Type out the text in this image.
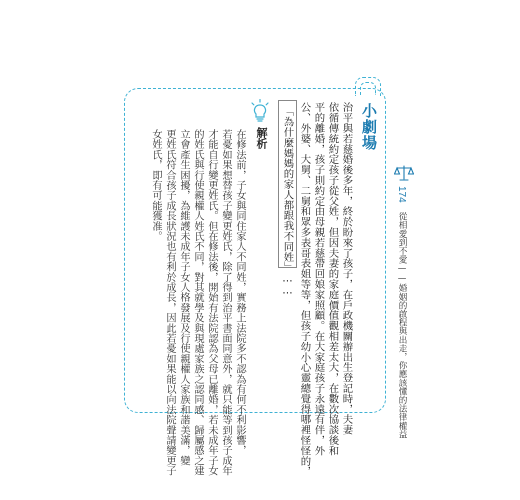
小劇場
治平與若慈婚後多年，終於盼來了孩子，在戶政機關辦出生登記時，夫妻
依循傳統約定孩子從父姓，但因夫妻的家庭價值觀相差太大，在數次協談後和
平的離婚，孩子則約定由母親若慈帶回娘家照顧。在大家庭孩子永遠有伴，外
公、外婆、大舅、二舅和眾多表哥表姐等等，但孩子幼小心靈總覺得哪裡怪怪的，
「為什麼媽媽的家人都跟我不同姓」……
解析
在修法前，子女與同住家人不同姓，實務上法院多不認為有何不利影響，
若憂如果想替孩子變更姓氏，除了得到治平書面同意外，就只能等到孩子成年
才能自行變更姓氏。但在修法後，開始有法院認為父母已離婚，若未成年子女
的姓氏與行使親權人姓氏不同，對其就學及與現處家族之認同感、歸屬感之建
立會產生困擾，為維護未成年子女人格發展及行使親權人家族和諧美滿，變
更姓氏符合孩子成長狀況也有利於成長，因此若憂如果能以向法院聲請變更子
女姓氏，即有可能獲准。	174
從相愛到不愛——婚姻的啟程與出走，你應該懂的法律權益
